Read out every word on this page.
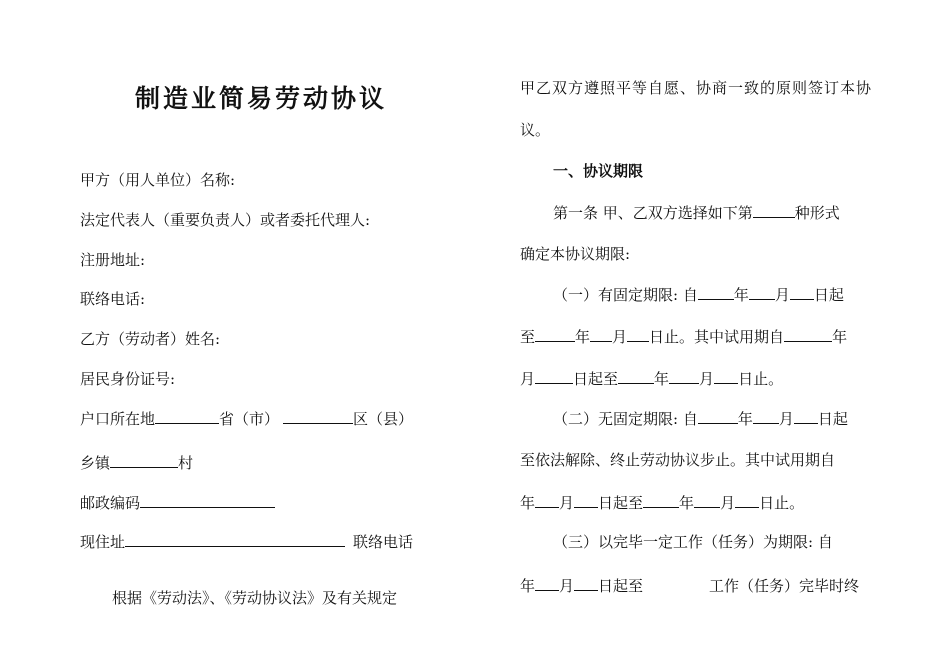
制造业简易劳动协议
甲方（用人单位）名称:
法定代表人（重要负责人）或者委托代理人:
注册地址:
联络电话:
乙方（劳动者）姓名:
居民身份证号:
户口所在地	省（市）	区（县）
乡镇	村
邮政编码
现住址	联络电话
根据《劳动法》、《劳动协议法》及有关规定
甲乙双方遵照平等自愿、协商一致的原则签订本协
议。
一、协议期限
第一条 甲、乙双方选择如下第	种形式
确定本协议期限:
（一）有固定期限: 自 年 月 日起
至	年 月 日止。其中试用期自	年
月	日起至 年 月 日止。
（二）无固定期限: 自	年 月 日起
至依法解除、终止劳动协议步止。其中试用期自
年 月 日起至 年 月 日止。
（三）以完毕一定工作（任务）为期限: 自
年 月 日起至	工作（任务）完毕时终
